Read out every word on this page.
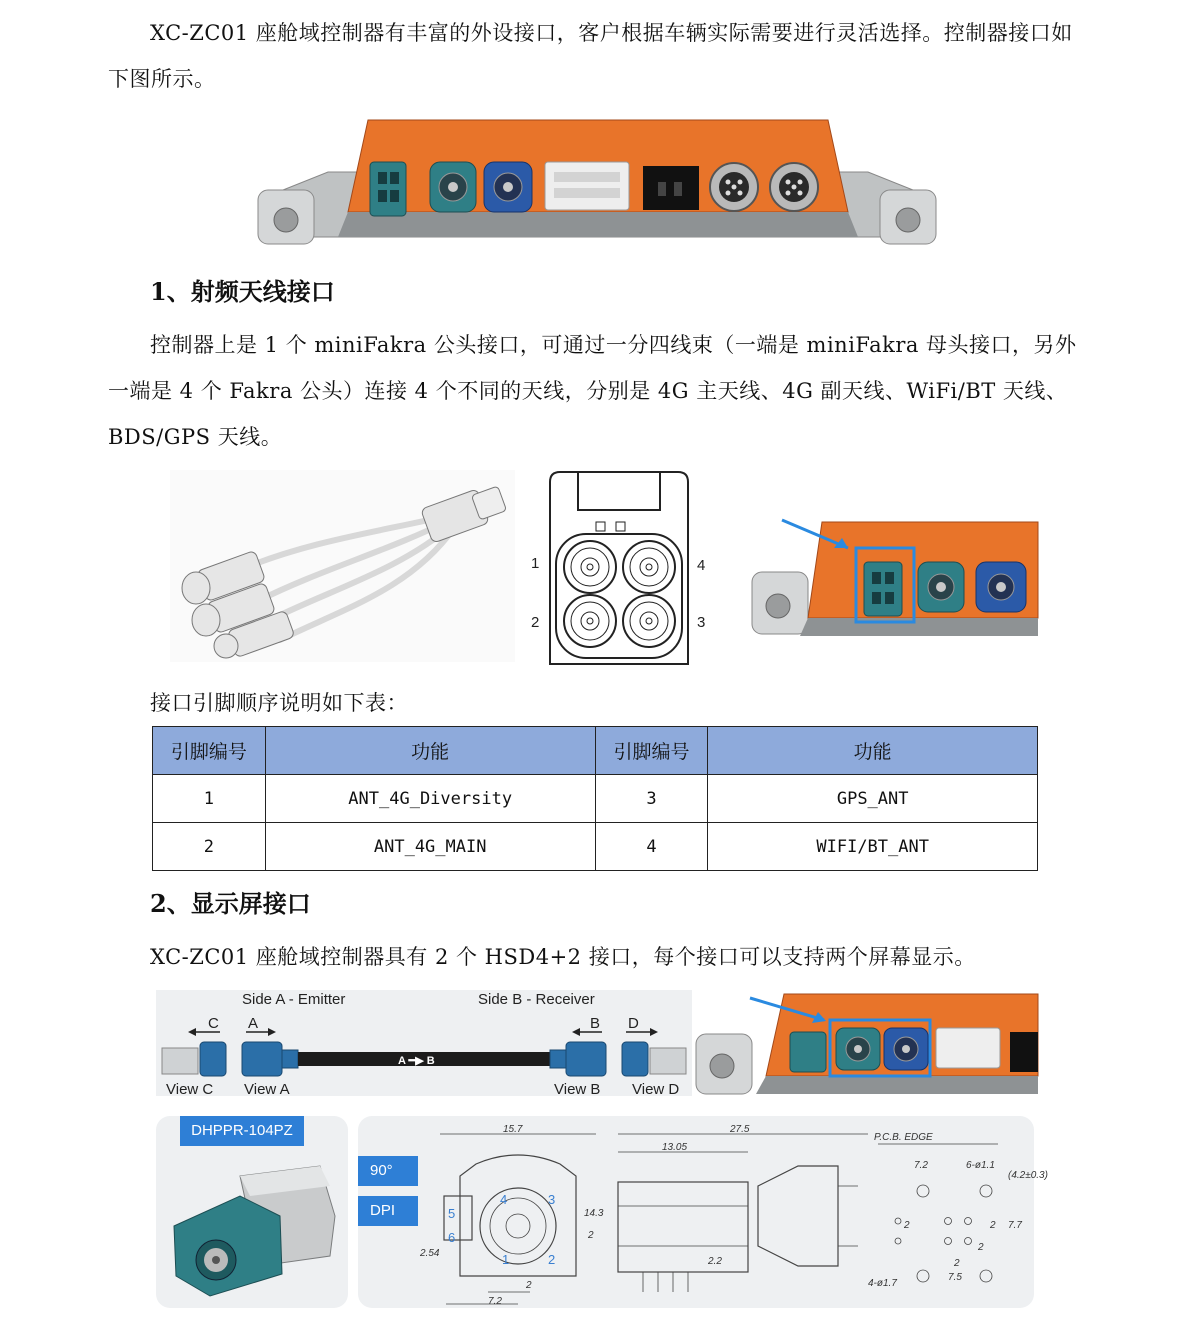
XC-ZC01 座舱域控制器有丰富的外设接口，客户根据车辆实际需要进行灵活选择。控制器接口如下图所示。

1、射频天线接口

控制器上是 1 个 miniFakra 公头接口，可通过一分四线束（一端是 miniFakra 母头接口，另外一端是 4 个 Fakra 公头）连接 4 个不同的天线，分别是 4G 主天线、4G 副天线、WiFi/BT 天线、BDS/GPS 天线。

1
2	3
4

接口引脚顺序说明如下表：

引脚编号	功能	引脚编号	功能
1	ANT_4G_Diversity	3	GPS_ANT
2	ANT_4G_MAIN	4	WIFI/BT_ANT
2、显示屏接口

XC-ZC01 座舱域控制器具有 2 个 HSD4+2 接口，每个接口可以支持两个屏幕显示。

Side A - Emitter	Side B - Receiver
C A	B D
A ━▶ B
View C View A	View B View D
DHPPR-104PZ
90°
DPI
1	2
3
4
5
6
15.7	27.5
13.05
14.3
2
2.54
7.2
2
2.2
P.C.B. EDGE
7.2	6-ø1.1
(4.2±0.3)
2	7.7
2
2
7.5
4-ø1.7
2
